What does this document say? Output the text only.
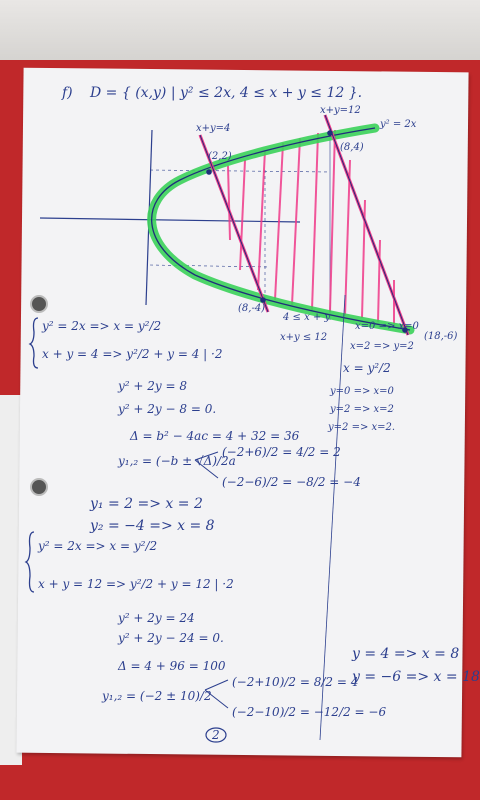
f) D = { (x,y) | y² ≤ 2x, 4 ≤ x + y ≤ 12 }.
y² = 2x
x+y=4
x+y=12
(2,2)
(8,4)
(8,-4)
(18,-6)
4 ≤ x + y
x+y ≤ 12
x=0 => x=0
x=2 => y=2
x = y²/2
y=0 => x=0
y=2 => x=2
y=2 => x=2.
y² = 2x => x = y²/2
x + y = 4 => y²/2 + y = 4 | ·2
y² + 2y = 8
y² + 2y − 8 = 0.
Δ = b² − 4ac = 4 + 32 = 36
y₁,₂ = (−b ± √Δ)/2a
(−2+6)/2 = 4/2 = 2
(−2−6)/2 = −8/2 = −4
y₁ = 2 => x = 2
y₂ = −4 => x = 8
y² = 2x => x = y²/2
x + y = 12 => y²/2 + y = 12 | ·2
y² + 2y = 24
y² + 2y − 24 = 0.
Δ = 4 + 96 = 100
y₁,₂ = (−2 ± 10)/2
(−2+10)/2 = 8/2 = 4
(−2−10)/2 = −12/2 = −6
y = 4 => x = 8
y = −6 => x = 18
2
